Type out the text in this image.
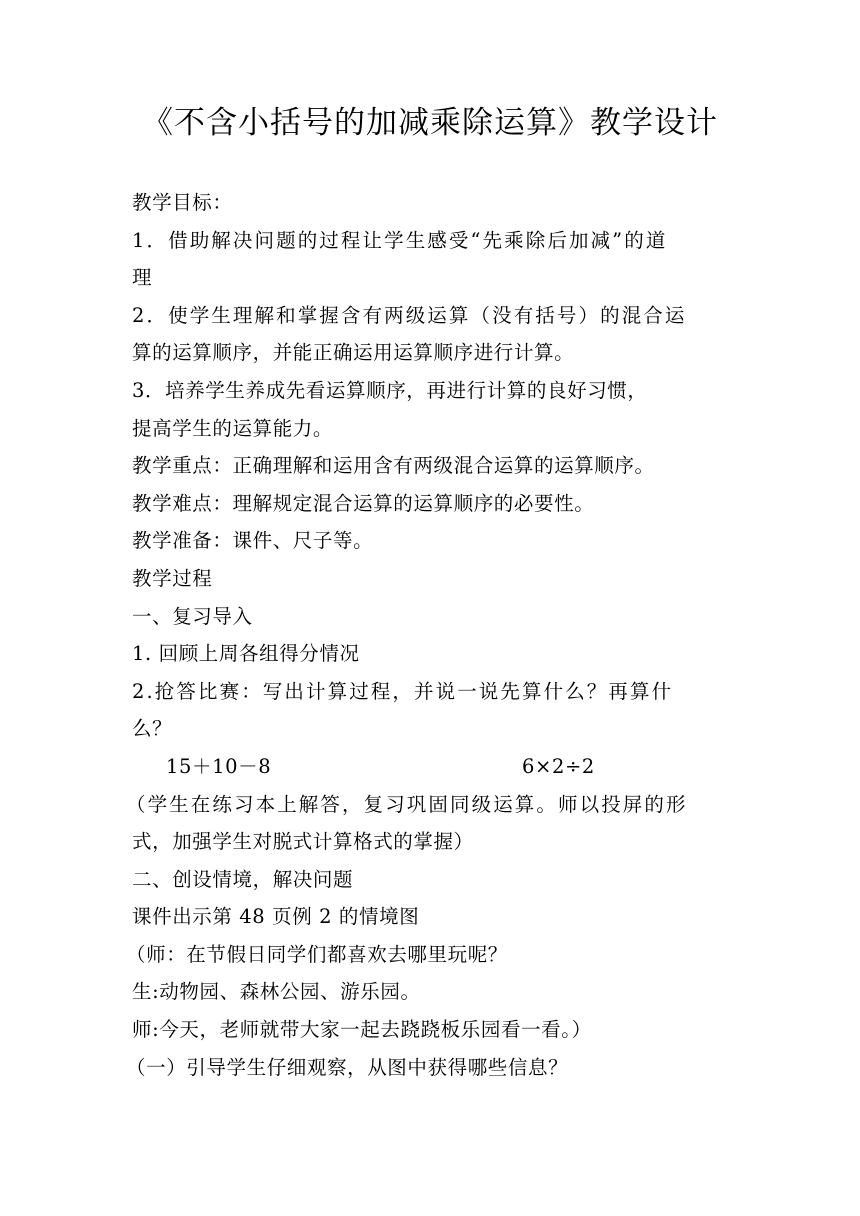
《不含小括号的加减乘除运算》教学设计
教学目标：
1．借助解决问题的过程让学生感受“先乘除后加减”的道
理
2．使学生理解和掌握含有两级运算（没有括号）的混合运
算的运算顺序，并能正确运用运算顺序进行计算。
3．培养学生养成先看运算顺序，再进行计算的良好习惯，
提高学生的运算能力。
教学重点：正确理解和运用含有两级混合运算的运算顺序。
教学难点：理解规定混合运算的运算顺序的必要性。
教学准备：课件、尺子等。
教学过程
一、复习导入
1. 回顾上周各组得分情况
2.抢答比赛：写出计算过程，并说一说先算什么？再算什
么？
15＋10－8	6×2÷2
（学生在练习本上解答，复习巩固同级运算。师以投屏的形
式，加强学生对脱式计算格式的掌握）
二、创设情境，解决问题
课件出示第 48 页例 2 的情境图
（师：在节假日同学们都喜欢去哪里玩呢？
生:动物园、森林公园、游乐园。
师:今天，老师就带大家一起去跷跷板乐园看一看。）
（一）引导学生仔细观察，从图中获得哪些信息？
